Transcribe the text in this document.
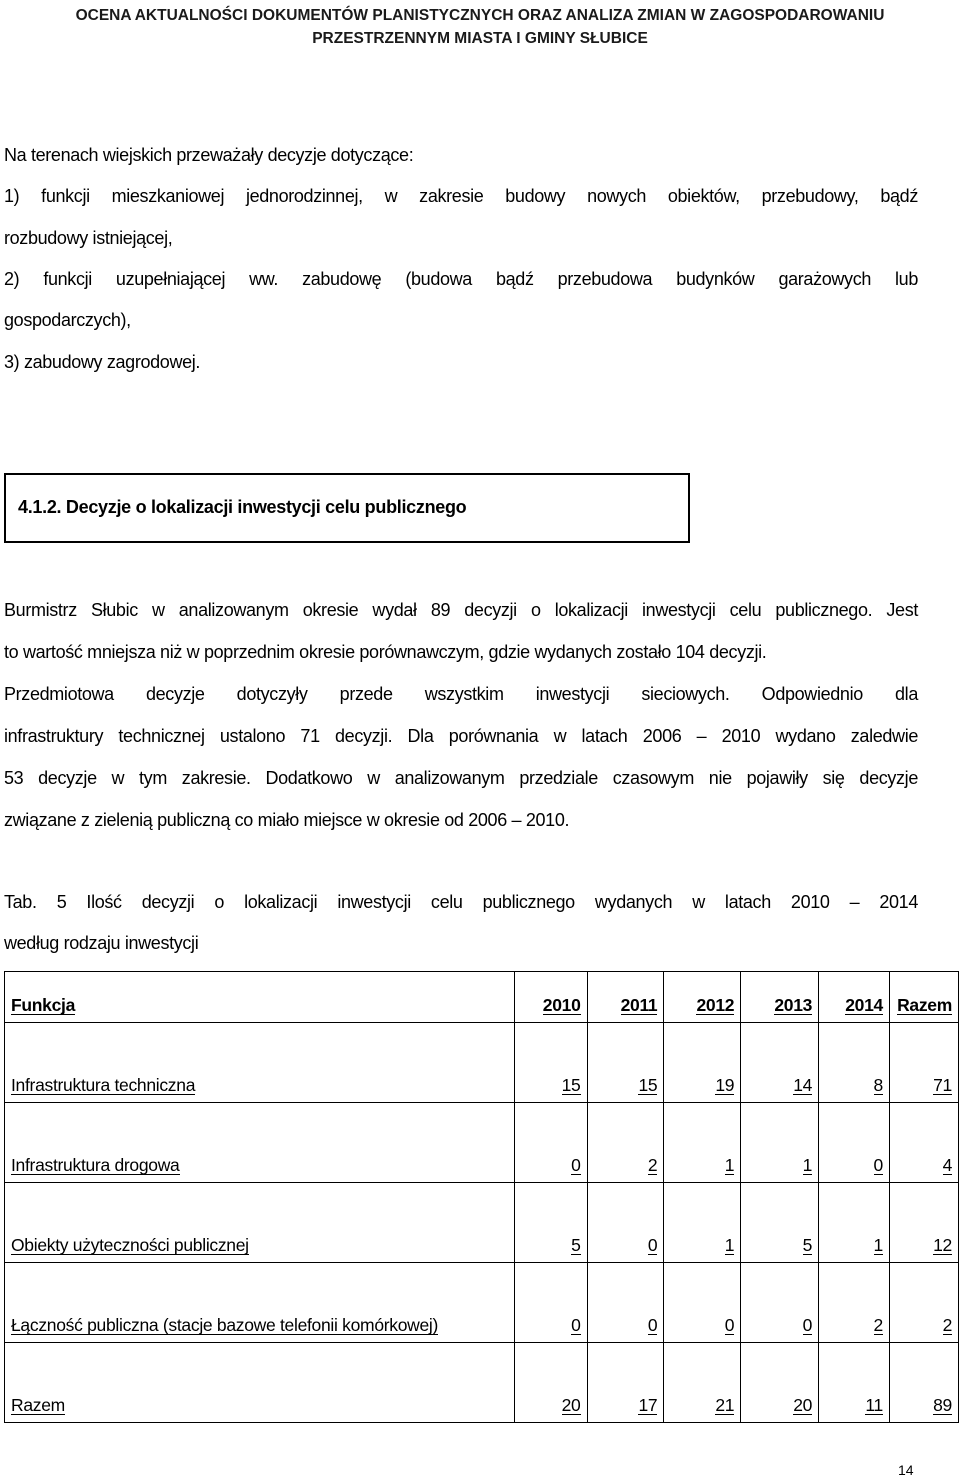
OCENA AKTUALNOŚCI DOKUMENTÓW PLANISTYCZNYCH ORAZ ANALIZA ZMIAN W ZAGOSPODAROWANIU
PRZESTRZENNYM MIASTA I GMINY SŁUBICE
Na terenach wiejskich przeważały decyzje dotyczące:
1) funkcji mieszkaniowej jednorodzinnej, w zakresie budowy nowych obiektów, przebudowy, bądź
rozbudowy istniejącej,
2) funkcji uzupełniającej ww. zabudowę (budowa bądź przebudowa budynków garażowych lub
gospodarczych),
3) zabudowy zagrodowej.
4.1.2. Decyzje o lokalizacji inwestycji celu publicznego
Burmistrz Słubic w analizowanym okresie wydał 89 decyzji o lokalizacji inwestycji celu publicznego. Jest
to wartość mniejsza niż w poprzednim okresie porównawczym, gdzie wydanych zostało 104 decyzji.
Przedmiotowa decyzje dotyczyły przede wszystkim inwestycji sieciowych. Odpowiednio dla
infrastruktury technicznej ustalono 71 decyzji. Dla porównania w latach 2006 – 2010 wydano zaledwie
53 decyzje w tym zakresie. Dodatkowo w analizowanym przedziale czasowym nie pojawiły się decyzje
związane z zielenią publiczną co miało miejsce w okresie od 2006 – 2010.
Tab. 5 Ilość decyzji o lokalizacji inwestycji celu publicznego wydanych w latach 2010 – 2014
według rodzaju inwestycji
Funkcja	2010	2011	2012	2013	2014	Razem
Infrastruktura techniczna	15	15	19	14	8	71
Infrastruktura drogowa	0	2	1	1	0	4
Obiekty użyteczności publicznej	5	0	1	5	1	12
Łączność publiczna (stacje bazowe telefonii komórkowej)	0	0	0	0	2	2
Razem	20	17	21	20	11	89
14
